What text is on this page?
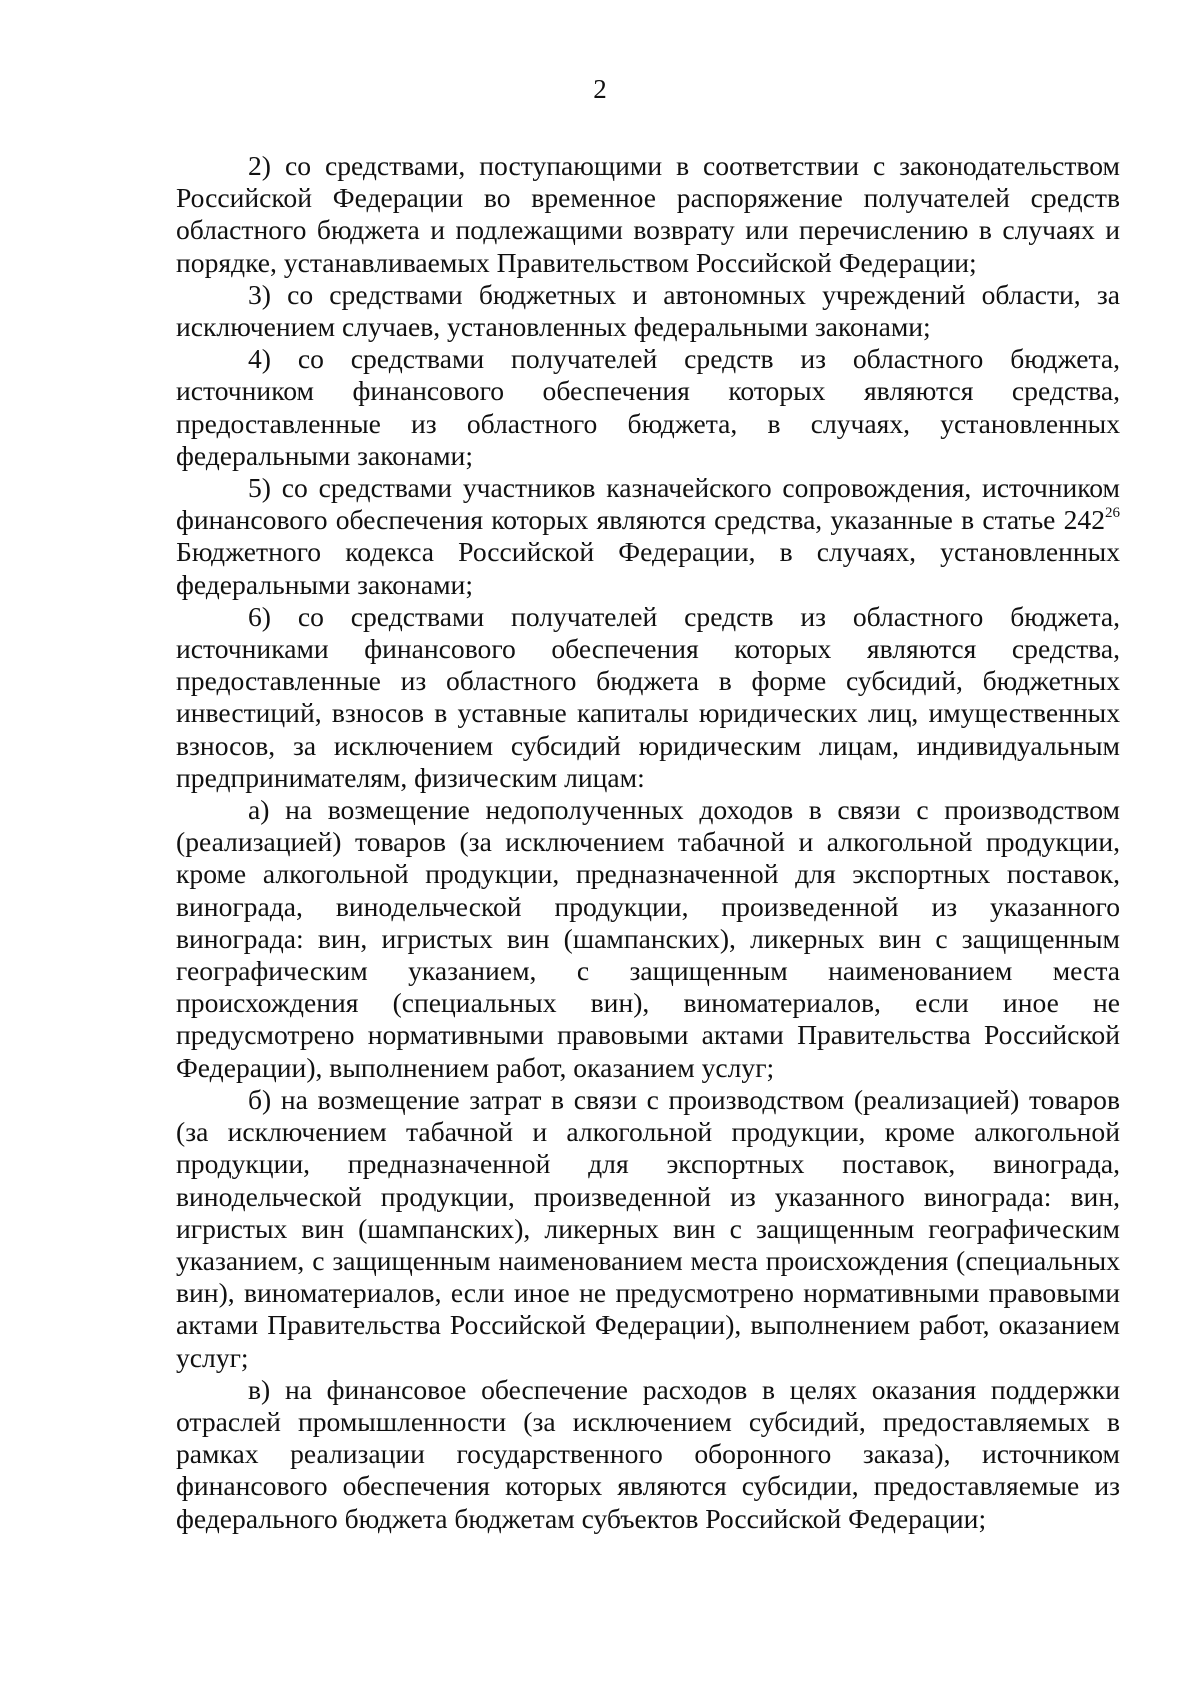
2

2) со средствами, поступающими в соответствии с законодательством Российской Федерации во временное распоряжение получателей средств областного бюджета и подлежащими возврату или перечислению в случаях и порядке, устанавливаемых Правительством Российской Федерации;

3) со средствами бюджетных и автономных учреждений области, за исключением случаев, установленных федеральными законами;

4) со средствами получателей средств из областного бюджета, источником финансового обеспечения которых являются средства, предоставленные из областного бюджета, в случаях, установленных федеральными законами;

5) со средствами участников казначейского сопровождения, источником финансового обеспечения которых являются средства, указанные в статье $242^{26}$ Бюджетного кодекса Российской Федерации, в случаях, установленных федеральными законами;

6) со средствами получателей средств из областного бюджета, источниками финансового обеспечения которых являются средства, предоставленные из областного бюджета в форме субсидий, бюджетных инвестиций, взносов в уставные капиталы юридических лиц, имущественных взносов, за исключением субсидий юридическим лицам, индивидуальным предпринимателям, физическим лицам:

а) на возмещение недополученных доходов в связи с производством (реализацией) товаров (за исключением табачной и алкогольной продукции, кроме алкогольной продукции, предназначенной для экспортных поставок, винограда, винодельческой продукции, произведенной из указанного винограда: вин, игристых вин (шампанских), ликерных вин с защищенным географическим указанием, с защищенным наименованием места происхождения (специальных вин), виноматериалов, если иное не предусмотрено нормативными правовыми актами Правительства Российской Федерации), выполнением работ, оказанием услуг;

б) на возмещение затрат в связи с производством (реализацией) товаров (за исключением табачной и алкогольной продукции, кроме алкогольной продукции, предназначенной для экспортных поставок, винограда, винодельческой продукции, произведенной из указанного винограда: вин, игристых вин (шампанских), ликерных вин с защищенным географическим указанием, с защищенным наименованием места происхождения (специальных вин), виноматериалов, если иное не предусмотрено нормативными правовыми актами Правительства Российской Федерации), выполнением работ, оказанием услуг;

в) на финансовое обеспечение расходов в целях оказания поддержки отраслей промышленности (за исключением субсидий, предоставляемых в рамках реализации государственного оборонного заказа), источником финансового обеспечения которых являются субсидии, предоставляемые из федерального бюджета бюджетам субъектов Российской Федерации;
